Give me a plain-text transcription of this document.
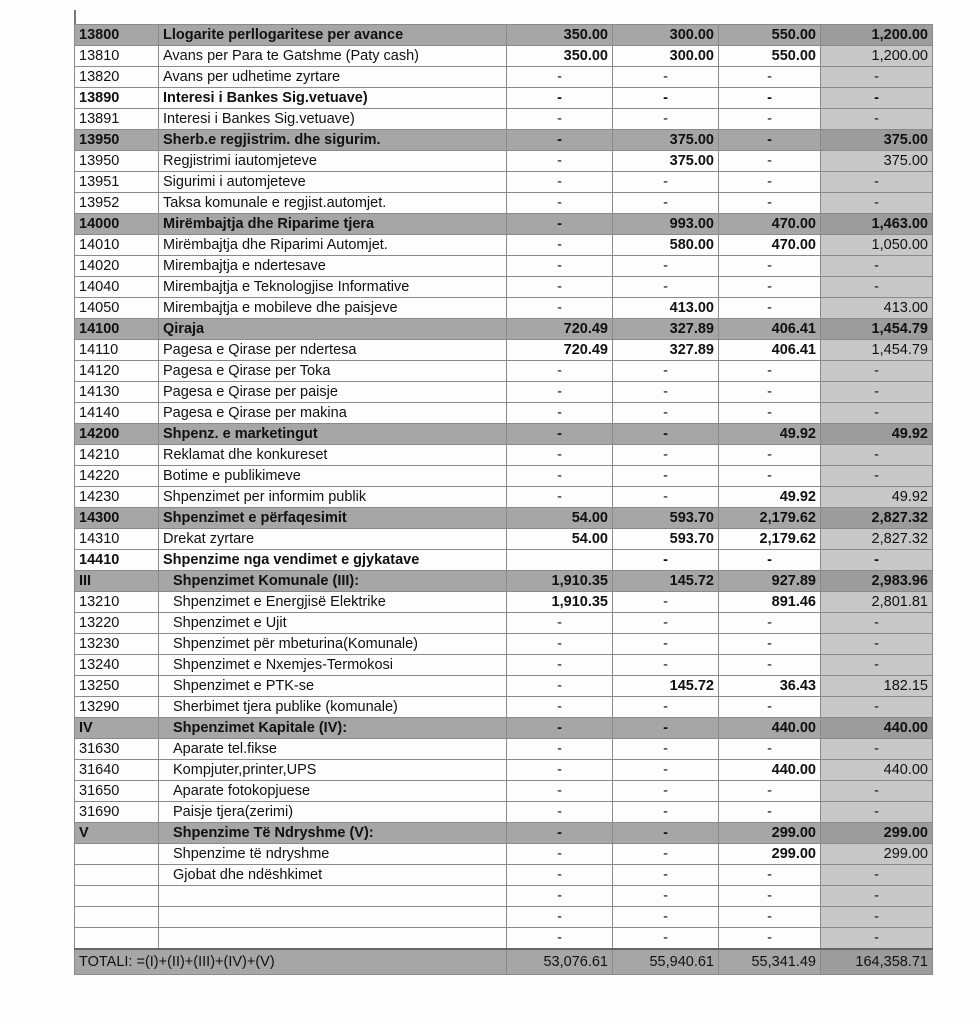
13800	Llogarite perllogaritese per avance	350.00	300.00	550.00	1,200.00
13810	Avans per Para te Gatshme (Paty cash)	350.00	300.00	550.00	1,200.00
13820	Avans per udhetime zyrtare	-	-	-	-
13890	Interesi i Bankes Sig.vetuave)	-	-	-	-
13891	Interesi i Bankes Sig.vetuave)	-	-	-	-
13950	Sherb.e regjistrim. dhe sigurim.	-	375.00	-	375.00
13950	Regjistrimi iautomjeteve	-	375.00	-	375.00
13951	Sigurimi i automjeteve	-	-	-	-
13952	Taksa komunale e regjist.automjet.	-	-	-	-
14000	Mirëmbajtja dhe Riparime tjera	-	993.00	470.00	1,463.00
14010	Mirëmbajtja dhe Riparimi Automjet.	-	580.00	470.00	1,050.00
14020	Mirembajtja e ndertesave	-	-	-	-
14040	Mirembajtja e Teknologjise Informative	-	-	-	-
14050	Mirembajtja e mobileve dhe paisjeve	-	413.00	-	413.00
14100	Qiraja	720.49	327.89	406.41	1,454.79
14110	Pagesa e Qirase per ndertesa	720.49	327.89	406.41	1,454.79
14120	Pagesa e Qirase per Toka	-	-	-	-
14130	Pagesa e Qirase per paisje	-	-	-	-
14140	Pagesa e Qirase per makina	-	-	-	-
14200	Shpenz. e marketingut	-	-	49.92	49.92
14210	Reklamat dhe konkureset	-	-	-	-
14220	Botime e publikimeve	-	-	-	-
14230	Shpenzimet per informim publik	-	-	49.92	49.92
14300	Shpenzimet e përfaqesimit	54.00	593.70	2,179.62	2,827.32
14310	Drekat zyrtare	54.00	593.70	2,179.62	2,827.32
14410	Shpenzime nga vendimet e gjykatave		-	-	-
III	Shpenzimet Komunale (III):	1,910.35	145.72	927.89	2,983.96
13210	Shpenzimet e Energjisë Elektrike	1,910.35	-	891.46	2,801.81
13220	Shpenzimet e Ujit	-	-	-	-
13230	Shpenzimet për mbeturina(Komunale)	-	-	-	-
13240	Shpenzimet e Nxemjes-Termokosi	-	-	-	-
13250	Shpenzimet e PTK-se	-	145.72	36.43	182.15
13290	Sherbimet tjera publike (komunale)	-	-	-	-
IV	Shpenzimet Kapitale (IV):	-	-	440.00	440.00
31630	Aparate tel.fikse	-	-	-	-
31640	Kompjuter,printer,UPS	-	-	440.00	440.00
31650	Aparate fotokopjuese	-	-	-	-
31690	Paisje tjera(zerimi)	-	-	-	-
V	Shpenzime Të Ndryshme (V):	-	-	299.00	299.00
	Shpenzime të ndryshme	-	-	299.00	299.00
	Gjobat dhe ndëshkimet	-	-	-	-
		-	-	-	-
		-	-	-	-
		-	-	-	-
TOTALI: =(I)+(II)+(III)+(IV)+(V)		53,076.61	55,940.61	55,341.49	164,358.71
